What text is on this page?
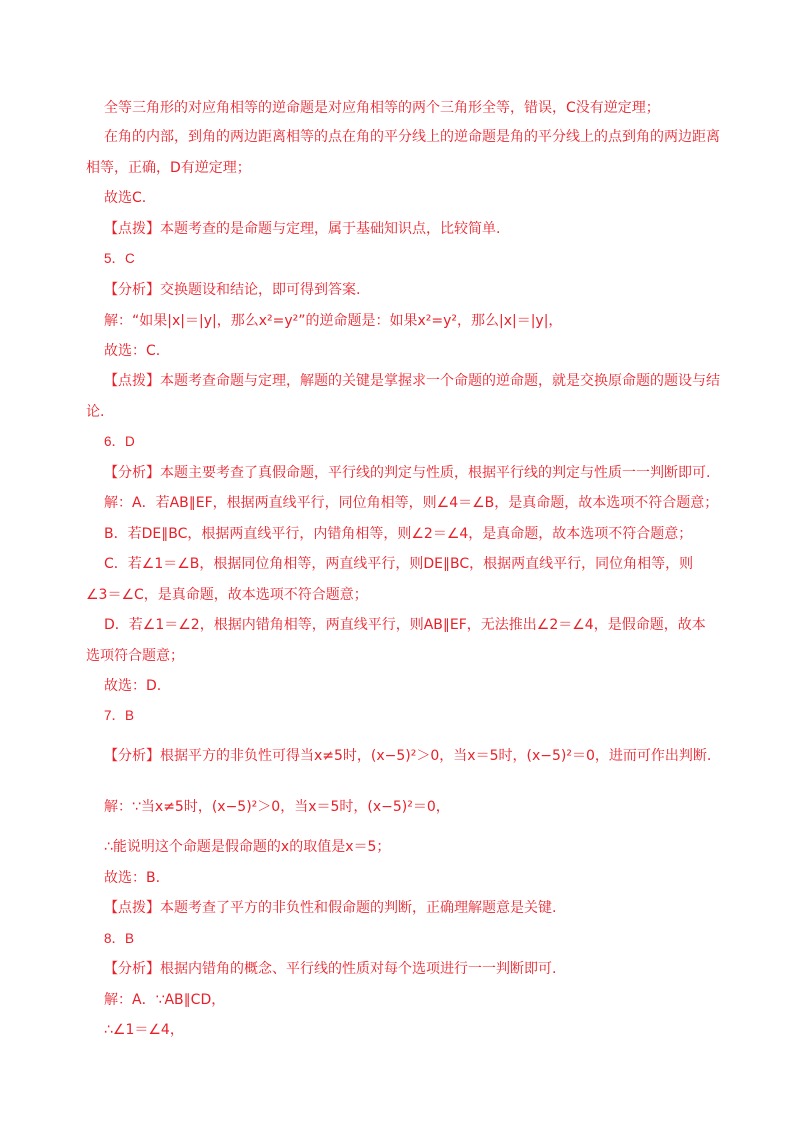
全等三角形的对应角相等的逆命题是对应角相等的两个三角形全等，错误，C没有逆定理；
在角的内部，到角的两边距离相等的点在角的平分线上的逆命题是角的平分线上的点到角的两边距离
相等，正确，D有逆定理；
故选C.
【点拨】本题考查的是命题与定理，属于基础知识点，比较简单.
5．C
【分析】交换题设和结论，即可得到答案.
解：“如果|x|＝|y|，那么x²=y²”的逆命题是：如果x²=y²，那么|x|＝|y|，
故选：C.
【点拨】本题考查命题与定理，解题的关键是掌握求一个命题的逆命题，就是交换原命题的题设与结
论.
6．D
【分析】本题主要考查了真假命题，平行线的判定与性质，根据平行线的判定与性质一一判断即可.
解：A．若AB∥EF，根据两直线平行，同位角相等，则∠4＝∠B，是真命题，故本选项不符合题意；
B．若DE∥BC，根据两直线平行，内错角相等，则∠2＝∠4，是真命题，故本选项不符合题意；
C．若∠1＝∠B，根据同位角相等，两直线平行，则DE∥BC，根据两直线平行，同位角相等，则
∠3＝∠C，是真命题，故本选项不符合题意；
D．若∠1＝∠2，根据内错角相等，两直线平行，则AB∥EF，无法推出∠2＝∠4，是假命题，故本
选项符合题意；
故选：D.
7．B
【分析】根据平方的非负性可得当x≠5时，(x−5)²＞0，当x＝5时，(x−5)²＝0，进而可作出判断.
解：∵当x≠5时，(x−5)²＞0，当x＝5时，(x−5)²＝0，
∴能说明这个命题是假命题的x的取值是x＝5；
故选：B.
【点拨】本题考查了平方的非负性和假命题的判断，正确理解题意是关键.
8．B
【分析】根据内错角的概念、平行线的性质对每个选项进行一一判断即可.
解：A．∵AB∥CD，
∴∠1＝∠4，
